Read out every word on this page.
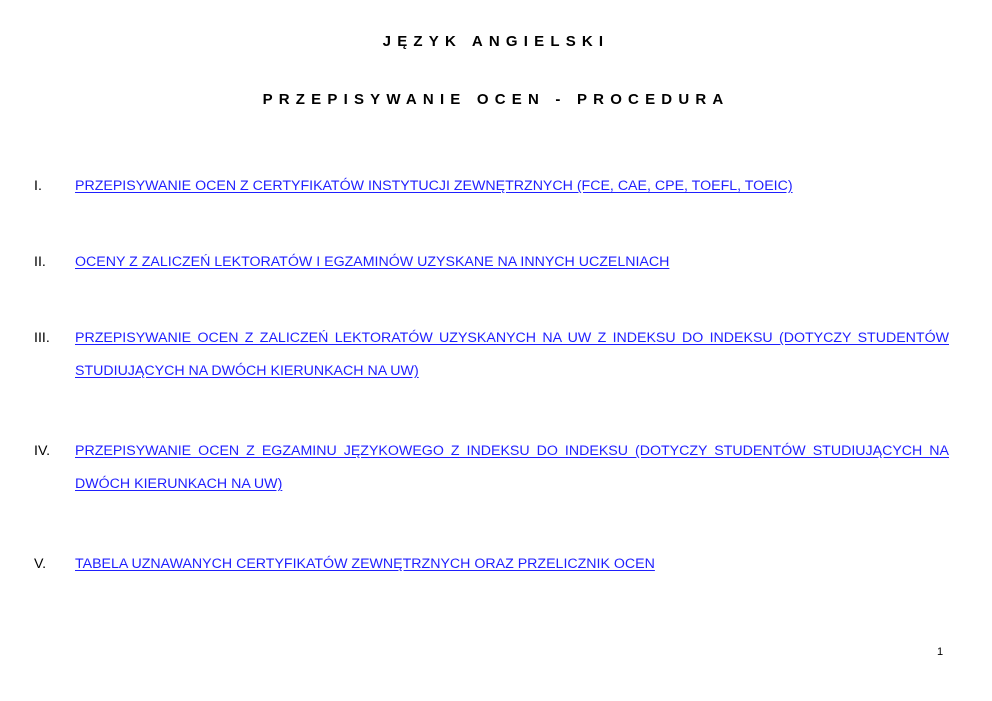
JĘZYK ANGIELSKI
PRZEPISYWANIE OCEN - PROCEDURA
I. PRZEPISYWANIE OCEN Z CERTYFIKATÓW INSTYTUCJI ZEWNĘTRZNYCH (FCE, CAE, CPE, TOEFL, TOEIC)
II. OCENY Z ZALICZEŃ LEKTORATÓW I EGZAMINÓW UZYSKANE NA INNYCH UCZELNIACH
III. PRZEPISYWANIE OCEN Z ZALICZEŃ LEKTORATÓW UZYSKANYCH NA UW Z INDEKSU DO INDEKSU (DOTYCZY STUDENTÓW STUDIUJĄCYCH NA DWÓCH KIERUNKACH NA UW)
IV. PRZEPISYWANIE OCEN Z EGZAMINU JĘZYKOWEGO Z INDEKSU DO INDEKSU (DOTYCZY STUDENTÓW STUDIUJĄCYCH NA DWÓCH KIERUNKACH NA UW)
V. TABELA UZNAWANYCH CERTYFIKATÓW ZEWNĘTRZNYCH ORAZ PRZELICZNIK OCEN
1
